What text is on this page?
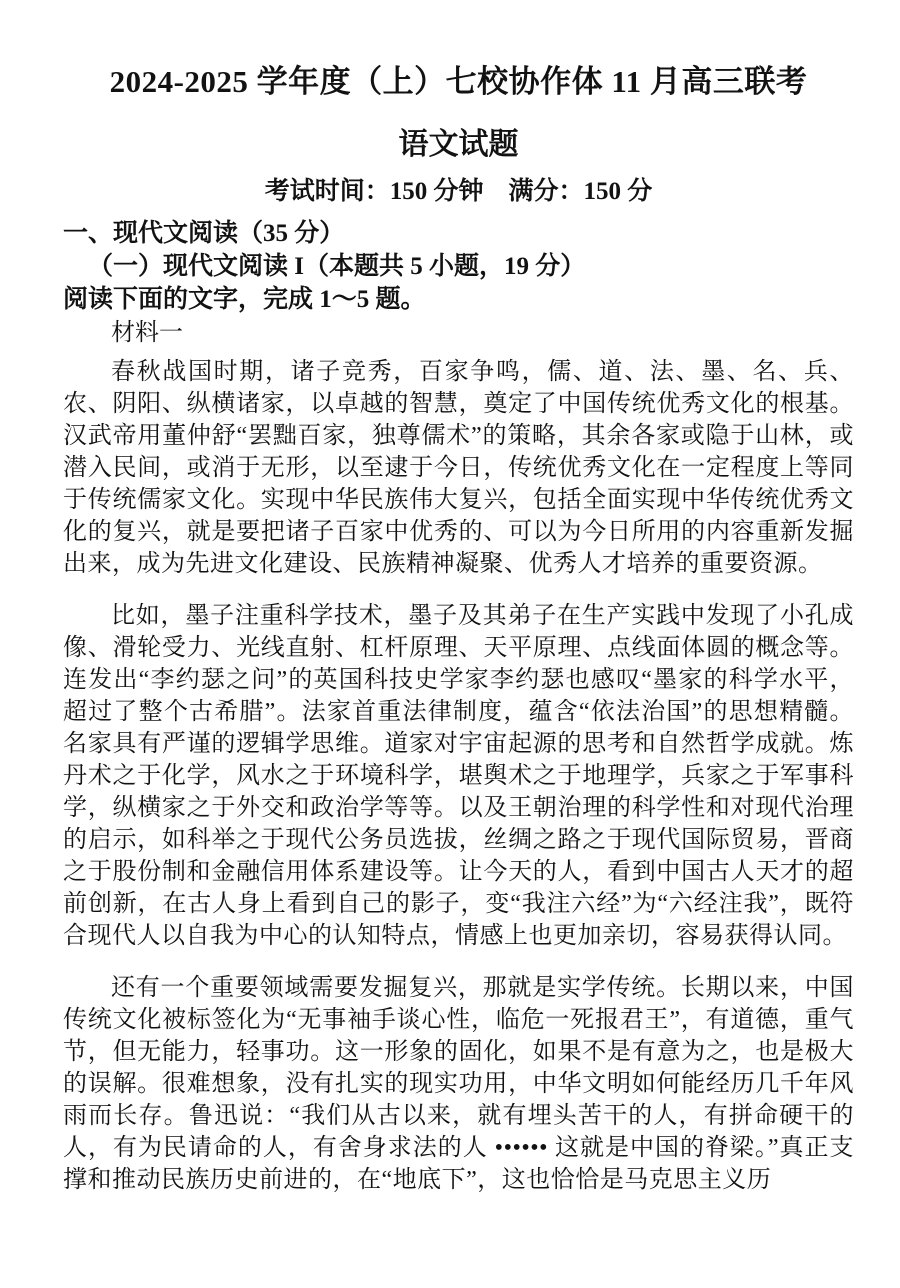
2024-2025 学年度（上）七校协作体 11 月高三联考
语文试题
考试时间：150 分钟　满分：150 分
一、现代文阅读（35 分）
（一）现代文阅读 I（本题共 5 小题，19 分）
阅读下面的文字，完成 1～5 题。
材料一

春秋战国时期，诸子竞秀，百家争鸣，儒、道、法、墨、名、兵、农、阴阳、纵横诸家，以卓越的智慧，奠定了中国传统优秀文化的根基。汉武帝用董仲舒“罢黜百家，独尊儒术”的策略，其余各家或隐于山林，或潜入民间，或消于无形，以至逮于今日，传统优秀文化在一定程度上等同于传统儒家文化。实现中华民族伟大复兴，包括全面实现中华传统优秀文化的复兴，就是要把诸子百家中优秀的、可以为今日所用的内容重新发掘出来，成为先进文化建设、民族精神凝聚、优秀人才培养的重要资源。

比如，墨子注重科学技术，墨子及其弟子在生产实践中发现了小孔成像、滑轮受力、光线直射、杠杆原理、天平原理、点线面体圆的概念等。连发出“李约瑟之问”的英国科技史学家李约瑟也感叹“墨家的科学水平，超过了整个古希腊”。法家首重法律制度，蕴含“依法治国”的思想精髓。名家具有严谨的逻辑学思维。道家对宇宙起源的思考和自然哲学成就。炼丹术之于化学，风水之于环境科学，堪舆术之于地理学，兵家之于军事科学，纵横家之于外交和政治学等等。以及王朝治理的科学性和对现代治理的启示，如科举之于现代公务员选拔，丝绸之路之于现代国际贸易，晋商之于股份制和金融信用体系建设等。让今天的人，看到中国古人天才的超前创新，在古人身上看到自己的影子，变“我注六经”为“六经注我”，既符合现代人以自我为中心的认知特点，情感上也更加亲切，容易获得认同。

还有一个重要领域需要发掘复兴，那就是实学传统。长期以来，中国传统文化被标签化为“无事袖手谈心性，临危一死报君王”，有道德，重气节，但无能力，轻事功。这一形象的固化，如果不是有意为之，也是极大的误解。很难想象，没有扎实的现实功用，中华文明如何能经历几千年风雨而长存。鲁迅说：“我们从古以来，就有埋头苦干的人，有拼命硬干的人，有为民请命的人，有舍身求法的人 •••••• 这就是中国的脊梁。”真正支撑和推动民族历史前进的，在“地底下”，这也恰恰是马克思主义历
